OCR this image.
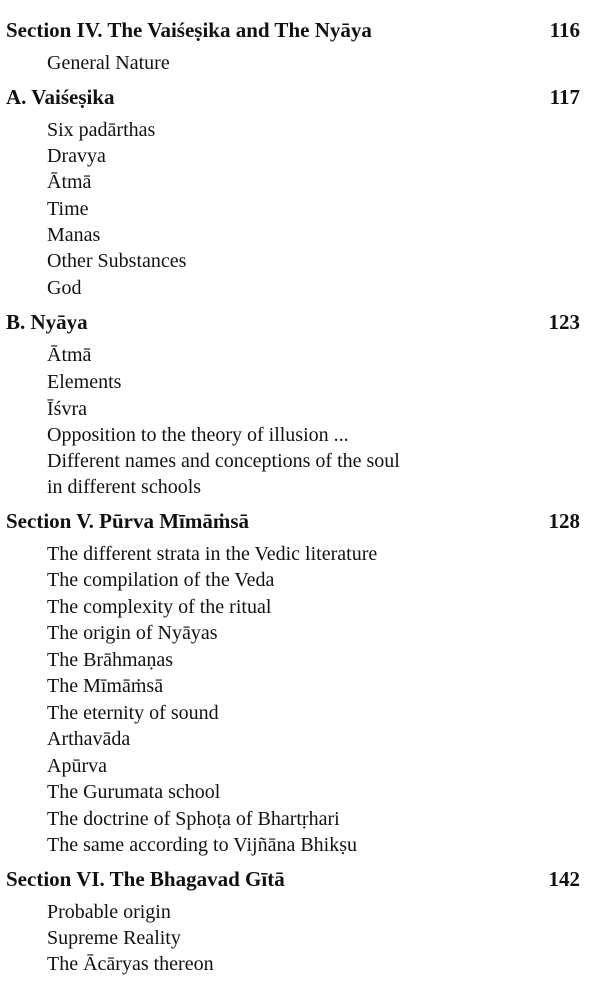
Section IV. The Vaiśeṣika and The Nyāya	116
General Nature
A. Vaiśeṣika	117
Six padārthas
Dravya
Ātmā
Time
Manas
Other Substances
God
B. Nyāya	123
Ātmā
Elements
Īśvra
Opposition to the theory of illusion ...
Different names and conceptions of the soul
in different schools
Section V. Pūrva Mīmāṁsā	128
The different strata in the Vedic literature
The compilation of the Veda
The complexity of the ritual
The origin of Nyāyas
The Brāhmaṇas
The Mīmāṁsā
The eternity of sound
Arthavāda
Apūrva
The Gurumata school
The doctrine of Sphoṭa of Bhartṛhari
The same according to Vijñāna Bhikṣu
Section VI. The Bhagavad Gītā	142
Probable origin
Supreme Reality
The Ācāryas thereon
